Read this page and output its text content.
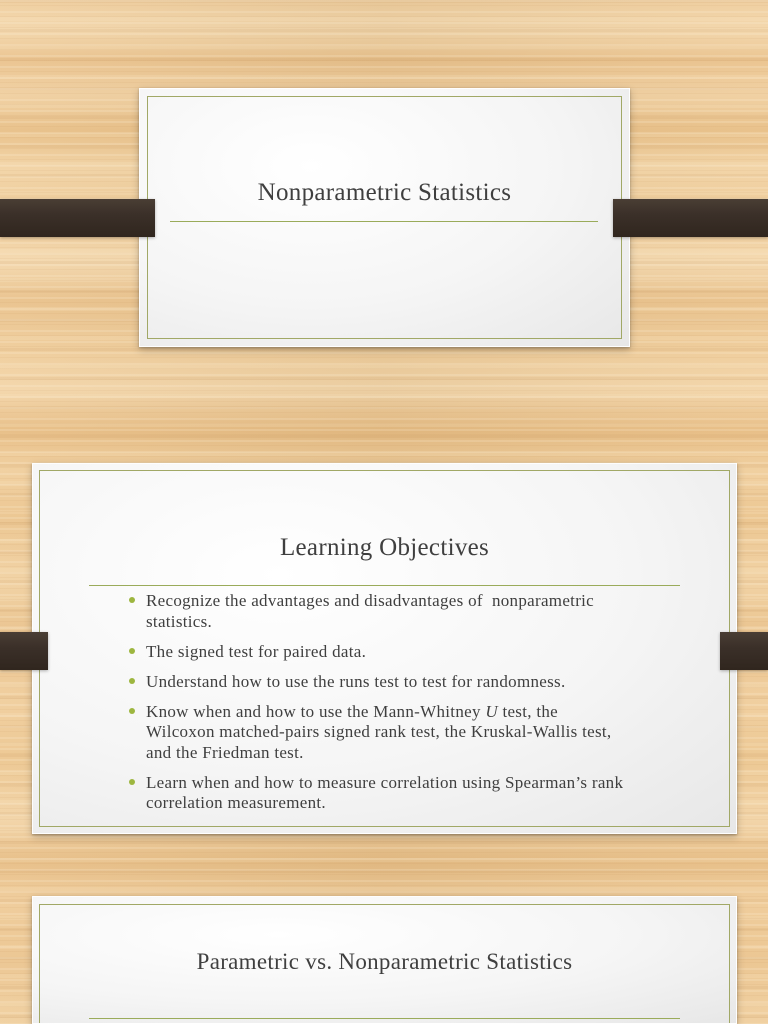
Nonparametric Statistics
Learning Objectives
Recognize the advantages and disadvantages of  nonparametric
statistics.
The signed test for paired data.
Understand how to use the runs test to test for randomness.
Know when and how to use the Mann-Whitney U test, the
Wilcoxon matched-pairs signed rank test, the Kruskal-Wallis test,
and the Friedman test.
Learn when and how to measure correlation using Spearman’s rank
correlation measurement.
Parametric vs. Nonparametric Statistics
